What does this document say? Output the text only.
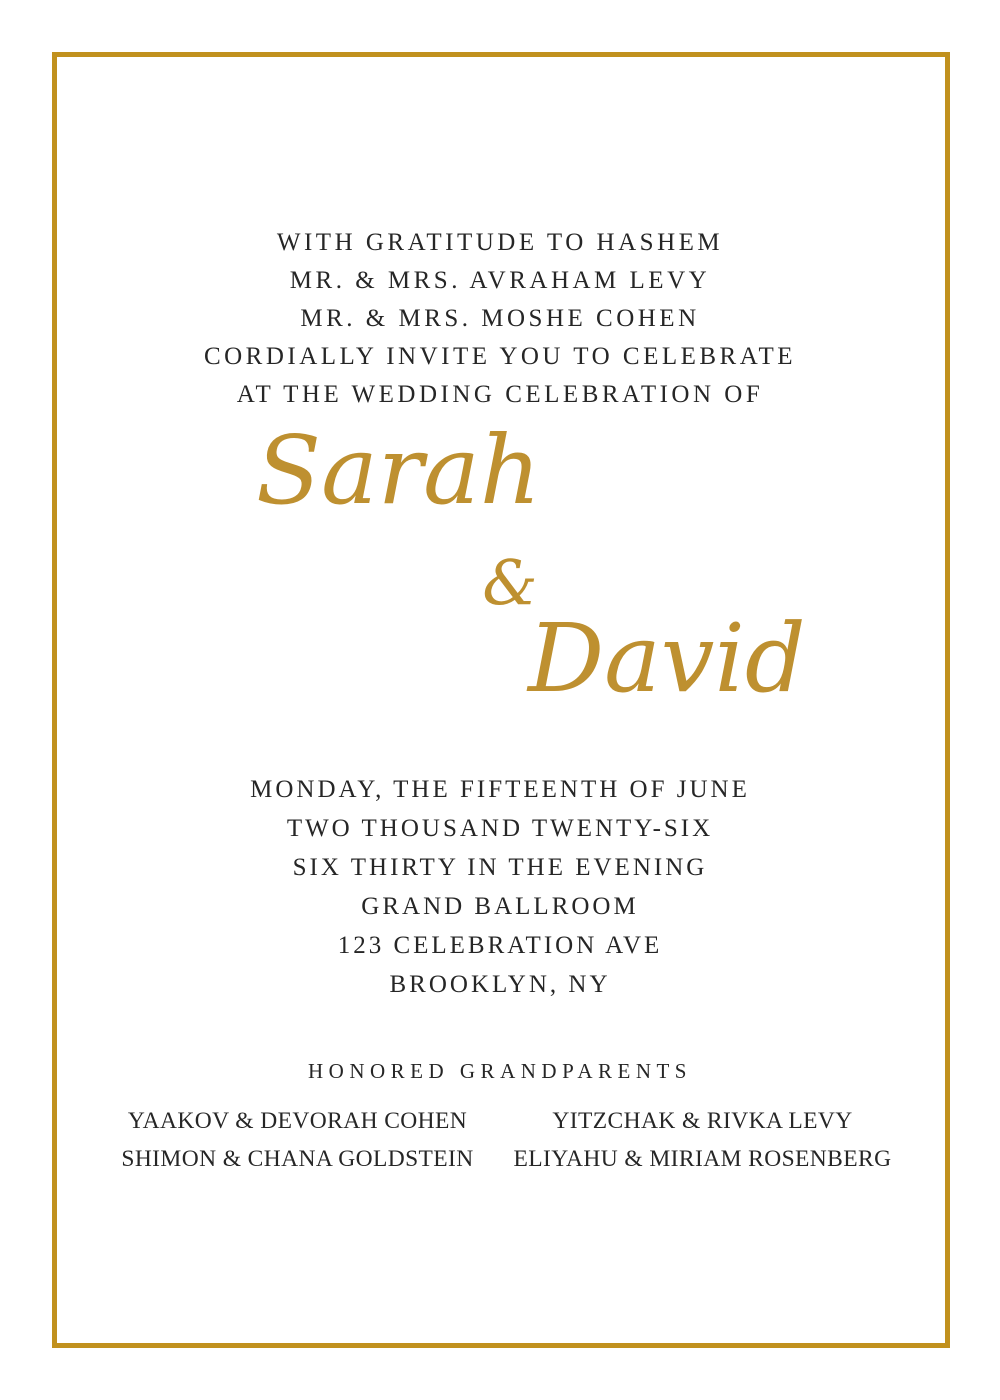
WITH GRATITUDE TO HASHEM
MR. & MRS. AVRAHAM LEVY
MR. & MRS. MOSHE COHEN
CORDIALLY INVITE YOU TO CELEBRATE
AT THE WEDDING CELEBRATION OF
Sarah
&
David
MONDAY, THE FIFTEENTH OF JUNE
TWO THOUSAND TWENTY-SIX
SIX THIRTY IN THE EVENING
GRAND BALLROOM
123 CELEBRATION AVE
BROOKLYN, NY
HONORED GRANDPARENTS
YAAKOV & DEVORAH COHEN
SHIMON & CHANA GOLDSTEIN
YITZCHAK & RIVKA LEVY
ELIYAHU & MIRIAM ROSENBERG
